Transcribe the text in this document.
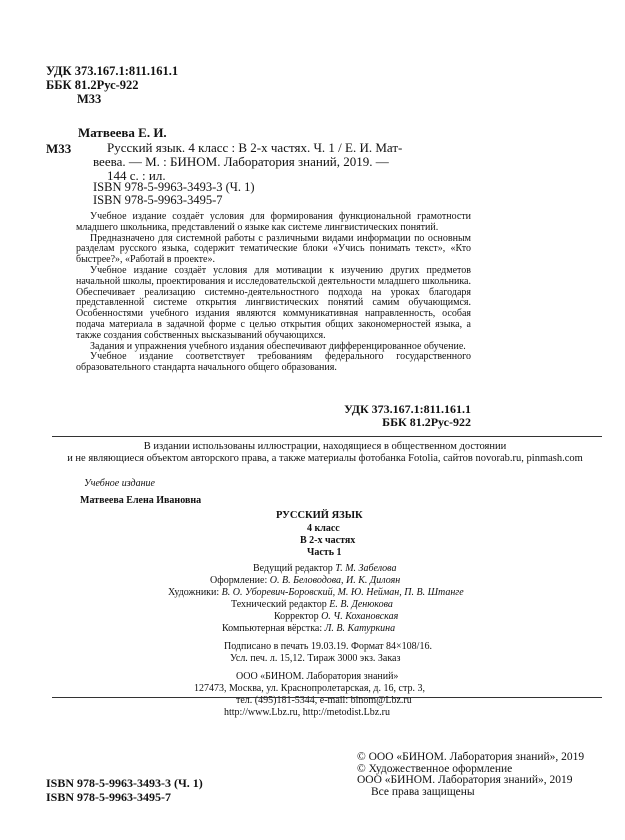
УДК 373.167.1:811.161.1
ББК 81.2Рус-922
М33
Матвеева Е. И.
М33	Русский язык. 4 класс : В 2-х частях. Ч. 1 / Е. И. Мат-
веева. — М. : БИНОМ. Лаборатория знаний, 2019. —
144 с. : ил.
ISBN 978-5-9963-3493-3 (Ч. 1)
ISBN 978-5-9963-3495-7

Учебное издание создаёт условия для формирования функциональной грамотности младшего школьника, представлений о языке как системе лингвистических понятий.

Предназначено для системной работы с различными видами информации по основным разделам русского языка, содержит тематические блоки «Учись понимать текст», «Кто быстрее?», «Работай в проекте».

Учебное издание создаёт условия для мотивации к изучению других предметов начальной школы, проектирования и исследовательской деятельности младшего школьника. Обеспечивает реализацию системно-деятельностного подхода на уроках благодаря представленной системе открытия лингвистических понятий самим обучающимся. Особенностями учебного издания являются коммуникативная направленность, особая подача материала в задачной форме с целью открытия общих закономерностей языка, а также создания собственных высказываний обучающихся.

Задания и упражнения учебного издания обеспечивают дифференцированное обучение.

Учебное издание соответствует требованиям федерального государственного образовательного стандарта начального общего образования.

УДК 373.167.1:811.161.1
ББК 81.2Рус-922
В издании использованы иллюстрации, находящиеся в общественном достоянии
и не являющиеся объектом авторского права, а также материалы фотобанка Fotolia, сайтов novorab.ru, pinmash.com
Учебное издание
Матвеева Елена Ивановна
РУССКИЙ ЯЗЫК
4 класс
В 2-х частях
Часть 1
Ведущий редактор Т. М. Забелова
Оформление: О. В. Беловодова, И. К. Дилоян
Художники: В. О. Уборевич-Боровский, М. Ю. Нейман, П. В. Штанге
Технический редактор Е. В. Денюкова
Корректор О. Ч. Кохановская
Компьютерная вёрстка: Л. В. Катуркина
Подписано в печать 19.03.19. Формат 84×108/16.
Усл. печ. л. 15,12. Тираж 3000 экз. Заказ
ООО «БИНОМ. Лаборатория знаний»
127473, Москва, ул. Краснопролетарская, д. 16, стр. 3,
тел. (495)181-5344, e-mail: binom@Lbz.ru
http://www.Lbz.ru, http://metodist.Lbz.ru
ISBN 978-5-9963-3493-3 (Ч. 1)
ISBN 978-5-9963-3495-7
© ООО «БИНОМ. Лаборатория знаний», 2019
© Художественное оформление
ООО «БИНОМ. Лаборатория знаний», 2019
Все права защищены
